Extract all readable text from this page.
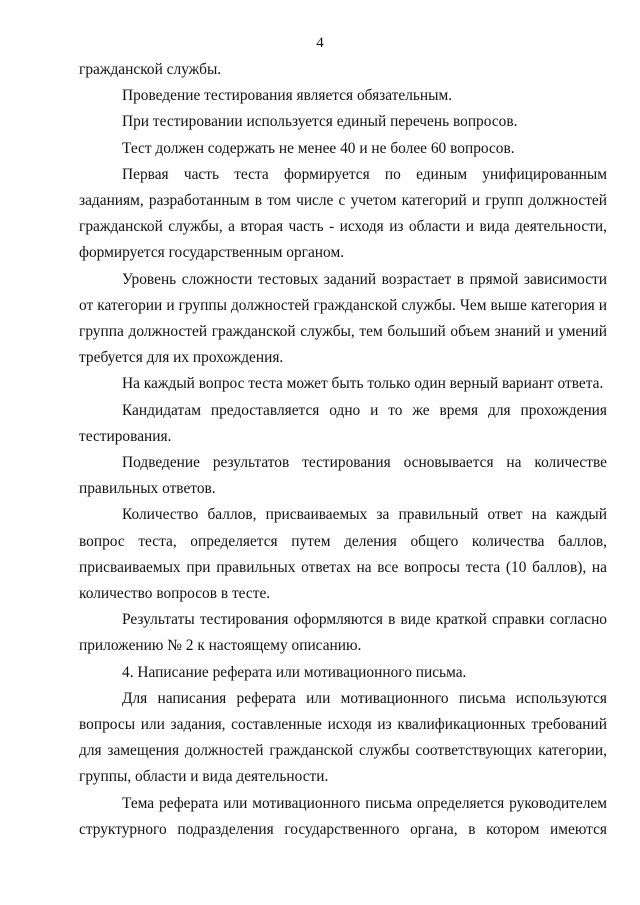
4

гражданской службы.

Проведение тестирования является обязательным.

При тестировании используется единый перечень вопросов.

Тест должен содержать не менее 40 и не более 60 вопросов.

Первая часть теста формируется по единым унифицированным заданиям, разработанным в том числе с учетом категорий и групп должностей гражданской службы, а вторая часть - исходя из области и вида деятельности, формируется государственным органом.

Уровень сложности тестовых заданий возрастает в прямой зависимости от категории и группы должностей гражданской службы. Чем выше категория и группа должностей гражданской службы, тем больший объем знаний и умений требуется для их прохождения.

На каждый вопрос теста может быть только один верный вариант ответа.

Кандидатам предоставляется одно и то же время для прохождения тестирования.

Подведение результатов тестирования основывается на количестве правильных ответов.

Количество баллов, присваиваемых за правильный ответ на каждый вопрос теста, определяется путем деления общего количества баллов, присваиваемых при правильных ответах на все вопросы теста (10 баллов), на количество вопросов в тесте.

Результаты тестирования оформляются в виде краткой справки согласно приложению № 2 к настоящему описанию.

4. Написание реферата или мотивационного письма.

Для написания реферата или мотивационного письма используются вопросы или задания, составленные исходя из квалификационных требований для замещения должностей гражданской службы соответствующих категории, группы, области и вида деятельности.

Тема реферата или мотивационного письма определяется руководителем структурного подразделения государственного органа, в котором имеются
